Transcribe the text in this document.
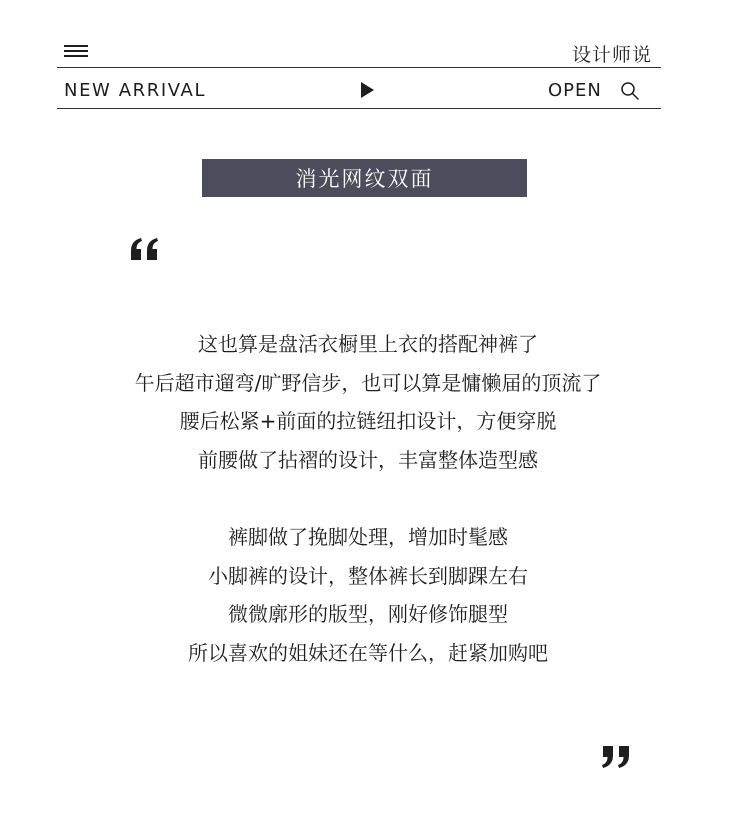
设计师说
NEW ARRIVAL	OPEN
消光网纹双面
这也算是盘活衣橱里上衣的搭配神裤了
午后超市遛弯/旷野信步，也可以算是慵懒届的顶流了
腰后松紧+前面的拉链纽扣设计，方便穿脱
前腰做了拈褶的设计，丰富整体造型感
裤脚做了挽脚处理，增加时髦感
小脚裤的设计，整体裤长到脚踝左右
微微廓形的版型，刚好修饰腿型
所以喜欢的姐妹还在等什么，赶紧加购吧
